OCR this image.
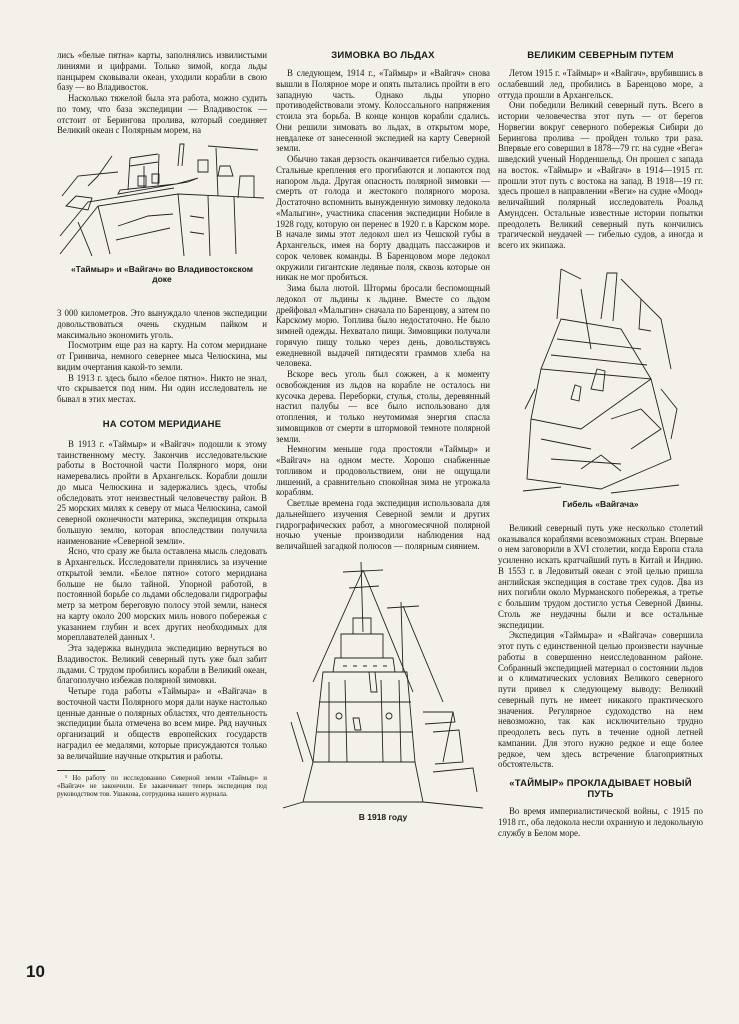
лись «белые пятна» карты, заполнялись извилистыми линиями и цифрами. Только зимой, когда льды панцырем сковывали океан, уходили корабли в свою базу — во Владивосток.

Насколько тяжелой была эта работа, можно судить по тому, что база экспедиции — Владивосток — отстоит от Берингова пролива, который соединяет Великий океан с Полярным морем, на

«Таймыр» и «Вайгач» во Владивостокском доке

3 000 километров. Это вынуждало членов экспедиции довольствоваться очень скудным пайком и максимально экономить уголь.

Посмотрим еще раз на карту. На сотом меридиане от Гринвича, немного севернее мыса Челюскина, мы видим очертания какой-то земли.

В 1913 г. здесь было «белое пятно». Никто не знал, что скрывается под ним. Ни один исследователь не бывал в этих местах.

НА СОТОМ МЕРИДИАНЕ

В 1913 г. «Таймыр» и «Вайгач» подошли к этому таинственному месту. Закончив исследовательские работы в Восточной части Полярного моря, они намеревались пройти в Архангельск. Корабли дошли до мыса Челюскина и задержались здесь, чтобы обследовать этот неизвестный человечеству район. В 25 морских милях к северу от мыса Челюскина, самой северной оконечности материка, экспедиция открыла большую землю, которая впоследствии получила наименование «Северной земли».

Ясно, что сразу же была оставлена мысль следовать в Архангельск. Исследователи принялись за изучение открытой земли. «Белое пятно» сотого меридиана больше не было тайной. Упорной работой, в постоянной борьбе со льдами обследовали гидрографы метр за метром береговую полосу этой земли, нанеся на карту около 200 морских миль нового побережья с указанием глубин и всех других необходимых для мореплавателей данных ¹.

Эта задержка вынудила экспедицию вернуться во Владивосток. Великий северный путь уже был забит льдами. С трудом пробились корабли в Великий океан, благополучно избежав полярной зимовки.

Четыре года работы «Таймыра» и «Вайгача» в восточной части Полярного моря дали науке настолько ценные данные о полярных областях, что деятельность экспедиции была отмечена во всем мире. Ряд научных организаций и обществ европейских государств наградил ее медалями, которые присуждаются только за величайшие научные открытия и работы.

¹ Но работу по исследованию Северной земли «Таймыр» и «Вайгач» не закончили. Ее заканчивает теперь экспедиция под руководством тов. Ушакова, сотрудника нашего журнала.

10
ЗИМОВКА ВО ЛЬДАХ

В следующем, 1914 г., «Таймыр» и «Вайгач» снова вышли в Полярное море и опять пытались пройти в его западную часть. Однако льды упорно противодействовали этому. Колоссального напряжения стоила эта борьба. В конце концов корабли сдались. Они решили зимовать во льдах, в открытом море, невдалеке от занесенной экспедией на карту Северной земли.

Обычно такая дерзость оканчивается гибелью судна. Стальные крепления его прогибаются и лопаются под напором льда. Другая опасность полярной зимовки — смерть от голода и жестокого полярного мороза. Достаточно вспомнить вынужденную зимовку ледокола «Малыгин», участника спасения экспедиции Нобиле в 1928 году, которую он перенес в 1920 г. в Карском море. В начале зимы этот ледокол шел из Чешской губы в Архангельск, имея на борту двадцать пассажиров и сорок человек команды. В Баренцовом море ледокол окружили гигантские ледяные поля, сквозь которые он никак не мог пробиться.

Зима была лютой. Штормы бросали беспомощный ледокол от льдины к льдине. Вместе со льдом дрейфовал «Малыгин» сначала по Баренцову, а затем по Карскому морю. Топлива было недостаточно. Не было зимней одежды. Нехватало пищи. Зимовщики получали горячую пищу только через день, довольствуясь ежедневной выдачей пятидесяти граммов хлеба на человека.

Вскоре весь уголь был сожжен, а к моменту освобождения из льдов на корабле не осталось ни кусочка дерева. Переборки, стулья, столы, деревянный настил палубы — все было использовано для отопления, и только неутомимая энергия спасла зимовщиков от смерти в штормовой темноте полярной земли.

Немногим меньше года простояли «Таймыр» и «Вайгач» на одном месте. Хорошо снабженные топливом и продовольствием, они не ощущали лишений, а сравнительно спокойная зима не угрожала кораблям.

Светлые времена года экспедиция использовала для дальнейшего изучения Северной земли и других гидрографических работ, а многомесячной полярной ночью ученые производили наблюдения над величайшей загадкой полюсов — полярным сиянием.

В 1918 году
ВЕЛИКИМ СЕВЕРНЫМ ПУТЕМ

Летом 1915 г. «Таймыр» и «Вайгач», врубившись в ослабевший лед, пробились в Баренцово море, а оттуда прошли в Архангельск.

Они победили Великий северный путь. Всего в истории человечества этот путь — от берегов Норвегии вокруг северного побережья Сибири до Берингова пролива — пройден только три раза. Впервые его совершил в 1878—79 гг. на судне «Вега» шведский ученый Норденшельд. Он прошел с запада на восток. «Таймыр» и «Вайгач» в 1914—1915 гг. прошли этот путь с востока на запад. В 1918—19 гг. здесь прошел в направлении «Веги» на судне «Моод» величайший полярный исследователь Роальд Амундсен. Остальные известные истории попытки преодолеть Великий северный путь кончились трагической неудачей — гибелью судов, а иногда и всего их экипажа.

Гибель «Вайгача»

Великий северный путь уже несколько столетий оказывался кораблями всевозможных стран. Впервые о нем заговорили в XVI столетии, когда Европа стала усиленно искать кратчайший путь в Китай и Индию. В 1553 г. в Ледовитый океан с этой целью пришла английская экспедиция в составе трех судов. Два из них погибли около Мурманского побережья, а третье с большим трудом достигло устья Северной Двины. Столь же неудачны были и все остальные экспедиции.

Экспедиция «Таймыра» и «Вайгача» совершила этот путь с единственной целью произвести научные работы в совершенно неисследованном районе. Собранный экспедицией материал о состоянии льдов и о климатических условиях Великого северного пути привел к следующему выводу: Великий северный путь не имеет никакого практического значения. Регулярное судоходство на нем невозможно, так как исключительно трудно преодолеть весь путь в течение одной летней кампании. Для этого нужно редкое и еще более редкое, чем здесь встречение благоприятных обстоятельств.

«ТАЙМЫР» ПРОКЛАДЫВАЕТ НОВЫЙ ПУТЬ

Во время империалистической войны, с 1915 по 1918 гг., оба ледокола несли охранную и ледокольную службу в Белом море.
